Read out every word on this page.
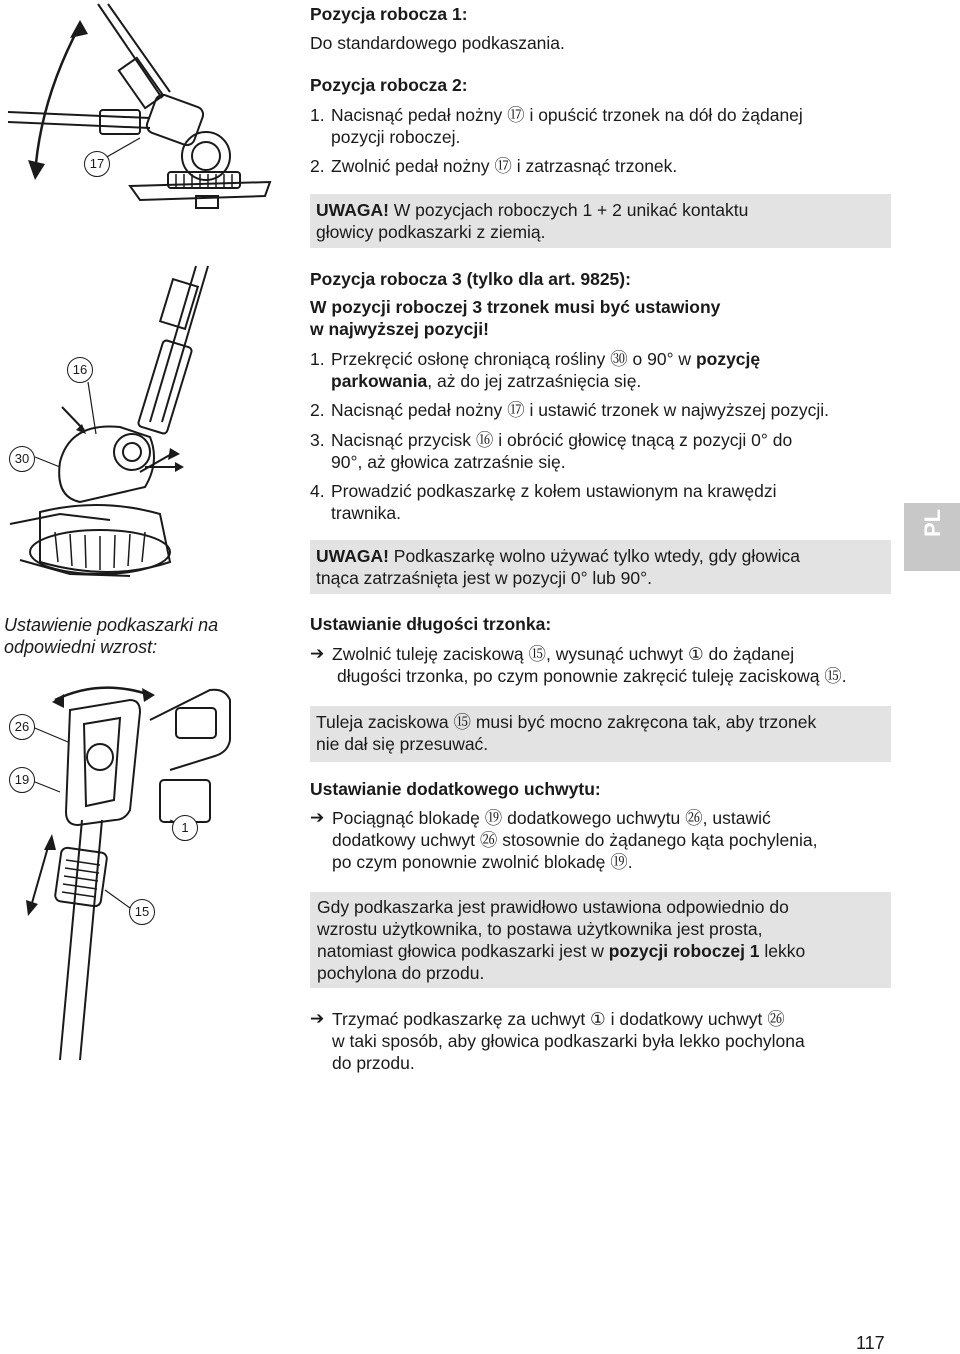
Pozycja robocza 1:
Do standardowego podkaszania.
Pozycja robocza 2:
1. Nacisnąć pedał nożny ⑰ i opuścić trzonek na dół do żądanej
pozycji roboczej.
2. Zwolnić pedał nożny ⑰ i zatrzasnąć trzonek.
UWAGA! W pozycjach roboczych 1 + 2 unikać kontaktu
głowicy podkaszarki z ziemią.
Pozycja robocza 3 (tylko dla art. 9825):
W pozycji roboczej 3 trzonek musi być ustawiony
w najwyższej pozycji!
1. Przekręcić osłonę chroniącą rośliny ㉚ o 90° w pozycję
parkowania, aż do jej zatrzaśnięcia się.
2. Nacisnąć pedał nożny ⑰ i ustawić trzonek w najwyższej pozycji.
3. Nacisnąć przycisk ⑯ i obrócić głowicę tnącą z pozycji 0° do
90°, aż głowica zatrzaśnie się.
4. Prowadzić podkaszarkę z kołem ustawionym na krawędzi
trawnika.
UWAGA! Podkaszarkę wolno używać tylko wtedy, gdy głowica
tnąca zatrzaśnięta jest w pozycji 0° lub 90°.
Ustawienie podkaszarki na
odpowiedni wzrost:
Ustawianie długości trzonka:
➔ Zwolnić tuleję zaciskową ⑮, wysunąć uchwyt ① do żądanej
długości trzonka, po czym ponownie zakręcić tuleję zaciskową ⑮.
Tuleja zaciskowa ⑮ musi być mocno zakręcona tak, aby trzonek
nie dał się przesuwać.
Ustawianie dodatkowego uchwytu:
➔ Pociągnąć blokadę ⑲ dodatkowego uchwytu ㉖, ustawić
dodatkowy uchwyt ㉖ stosownie do żądanego kąta pochylenia,
po czym ponownie zwolnić blokadę ⑲.
Gdy podkaszarka jest prawidłowo ustawiona odpowiednio do
wzrostu użytkownika, to postawa użytkownika jest prosta,
natomiast głowica podkaszarki jest w pozycji roboczej 1 lekko
pochylona do przodu.
➔ Trzymać podkaszarkę za uchwyt ① i dodatkowy uchwyt ㉖
w taki sposób, aby głowica podkaszarki była lekko pochylona
do przodu.
PL
117
17
16
30
26
19
1
15
